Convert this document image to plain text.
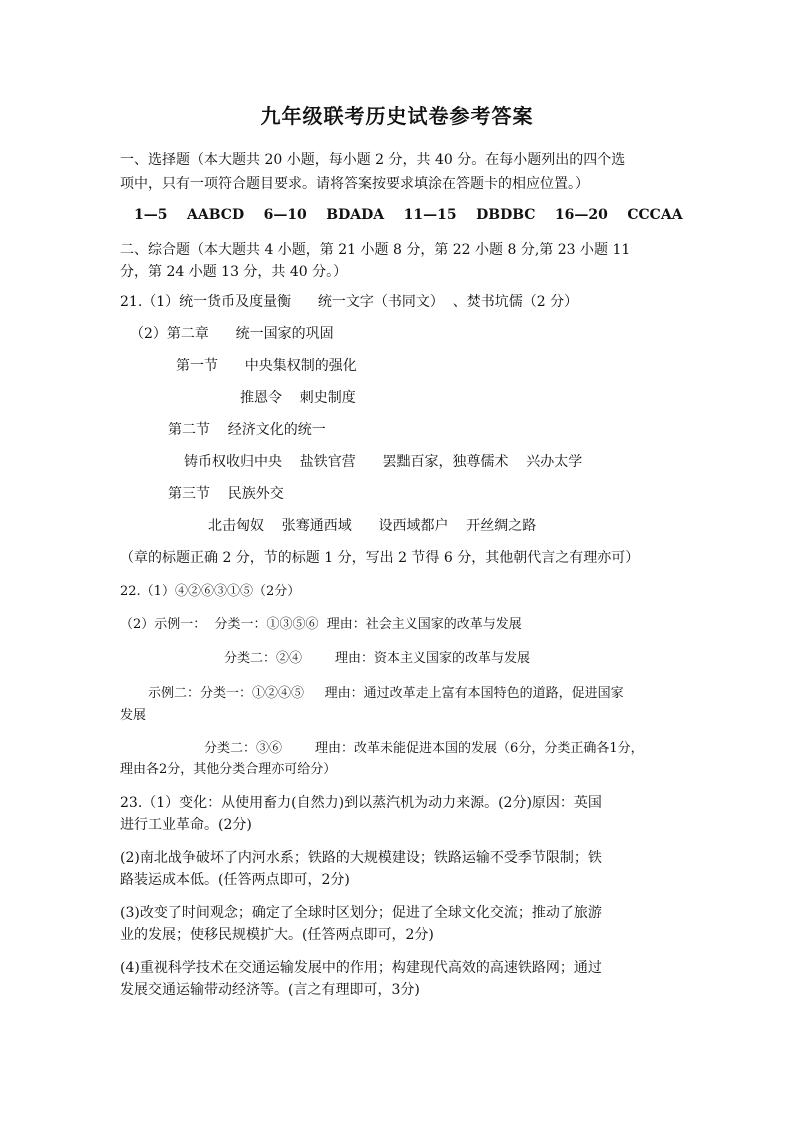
九年级联考历史试卷参考答案
一、选择题（本大题共 20 小题，每小题 2 分，共 40 分。在每小题列出的四个选
项中，只有一项符合题目要求。请将答案按要求填涂在答题卡的相应位置。）
1—5    AABCD    6—10    BDADA    11—15    DBDBC    16—20    CCCAA
二、综合题（本大题共 4 小题，第 21 小题 8 分，第 22 小题 8 分,第 23 小题 11
分，第 24 小题 13 分，共 40 分。）
21.（1）统一货币及度量衡      统一文字（书同文）  、焚书坑儒（2 分）
（2）第二章      统一国家的巩固
第一节      中央集权制的强化
推恩令    刺史制度
第二节    经济文化的统一
铸币权收归中央    盐铁官营      罢黜百家，独尊儒术    兴办太学
第三节    民族外交
北击匈奴    张骞通西域      设西域都户    开丝绸之路
（章的标题正确 2 分，节的标题 1 分，写出 2 节得 6 分，其他朝代言之有理亦可）
22.（1）④②⑥③①⑤（2分）
（2）示例一：  分类一：①③⑤⑥  理由：社会主义国家的改革与发展
分类二：②④        理由：资本主义国家的改革与发展
示例二：分类一：①②④⑤     理由：通过改革走上富有本国特色的道路，促进国家
发展
分类二：③⑥        理由：改革未能促进本国的发展（6分，分类正确各1分，
理由各2分，其他分类合理亦可给分）
23.（1）变化：从使用畜力(自然力)到以蒸汽机为动力来源。(2分)原因：英国
进行工业革命。(2分)
(2)南北战争破坏了内河水系；铁路的大规模建设；铁路运输不受季节限制；铁
路装运成本低。(任答两点即可，2分)
(3)改变了时间观念；确定了全球时区划分；促进了全球文化交流；推动了旅游
业的发展；使移民规模扩大。(任答两点即可，2分)
(4)重视科学技术在交通运输发展中的作用；构建现代高效的高速铁路网；通过
发展交通运输带动经济等。(言之有理即可，3分)
